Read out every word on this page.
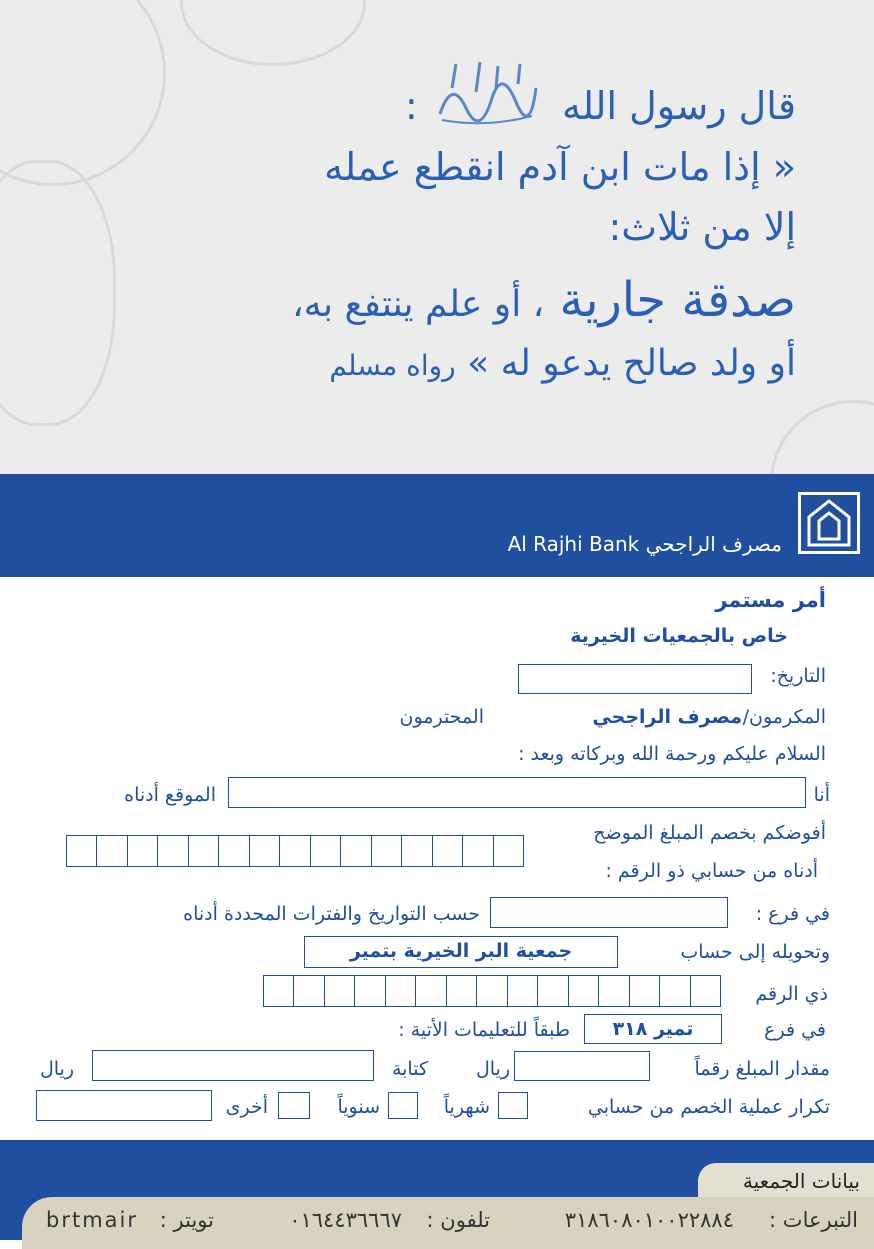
قال رسول الله  :
« إذا مات ابن آدم انقطع عمله
إلا من ثلاث:
صدقة جارية ، أو علم ينتفع به،
أو ولد صالح يدعو له » رواه مسلم
Al Rajhi Bank مصرف الراجحي
أمر مستمر
خاص بالجمعيات الخيرية
التاريخ:
المكرمون/
مصرف الراجحي
المحترمون
السلام عليكم ورحمة الله وبركاته وبعد :
أنا
الموقع أدناه
أفوضكم بخصم المبلغ الموضح
أدناه من حسابي ذو الرقم :
في فرع :
حسب التواريخ والفترات المحددة أدناه
وتحويله إلى حساب
جمعية البر الخيرية بتمير
ذي الرقم
في فرع
تمير ٣١٨
طبقاً للتعليمات الأتية :
مقدار المبلغ رقماً
ريال
كتابة
ريال
تكرار عملية الخصم من حسابي
شهرياً
سنوياً
أخرى
بيانات الجمعية
التبرعات :
٣١٨٦٠٨٠١٠٠٢٢٨٨٤
تلفون :
٠١٦٤٤٣٦٦٦٧
تويتر :
brtmair
